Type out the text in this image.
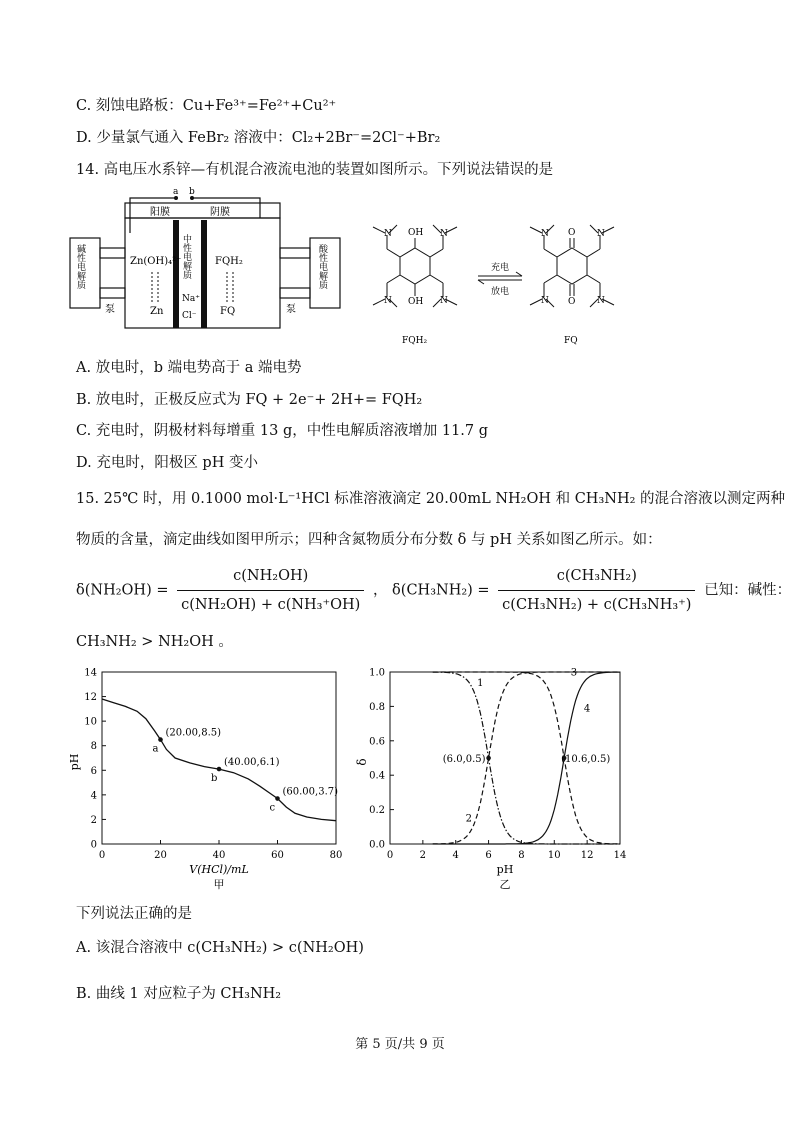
C. 刻蚀电路板：Cu+Fe³⁺=Fe²⁺+Cu²⁺
D. 少量氯气通入 FeBr₂ 溶液中：Cl₂+2Br⁻=2Cl⁻+Br₂
14. 高电压水系锌—有机混合液流电池的装置如图所示。下列说法错误的是
a b
阳膜	阴膜
中性电解质
Na⁺
Cl⁻
Zn(OH)₄²⁻
Zn
FQH₂
FQ
碱性电解质	酸性电解质
泵	泵
OH
OH
N	N
N	N
FQH₂
充电
放电
O
O
N	N
N	N
FQ
A. 放电时，b 端电势高于 a 端电势
B. 放电时，正极反应式为 FQ + 2e⁻+ 2H+= FQH₂
C. 充电时，阴极材料每增重 13 g，中性电解质溶液增加 11.7 g
D. 充电时，阳极区 pH 变小
15. 25℃ 时，用 0.1000 mol·L⁻¹HCl 标准溶液滴定 20.00mL NH₂OH 和 CH₃NH₂ 的混合溶液以测定两种
物质的含量，滴定曲线如图甲所示；四种含氮物质分布分数 δ 与 pH 关系如图乙所示。如：
$\delta(NH_2OH) = \frac{\text{c(NH₂OH)}}{\text{c(NH₂OH) + c(NH₃⁺OH)}}$ ， $\delta(CH_3NH_2) = \frac{\text{c(CH₃NH₂)}}{\text{c(CH₃NH₂) + c(CH₃NH₃⁺)}}$ 已知：碱性：
CH₃NH₂ > NH₂OH 。
0	20	40	60	80
0
2
4
6
8
10
12
14
(20.00,8.5)
a
(40.00,6.1)
b
(60.00,3.7)
c
V(HCl)/mL
甲
pH
0	2	4	6	8 10 12 14
0.0
0.2
0.4
0.6
0.8
1.0
1
2
3
4
(6.0,0.5)	(10.6,0.5)
pH
乙
δ
下列说法正确的是
A. 该混合溶液中 c(CH₃NH₂) > c(NH₂OH)
B. 曲线 1 对应粒子为 CH₃NH₂
第 5 页/共 9 页
